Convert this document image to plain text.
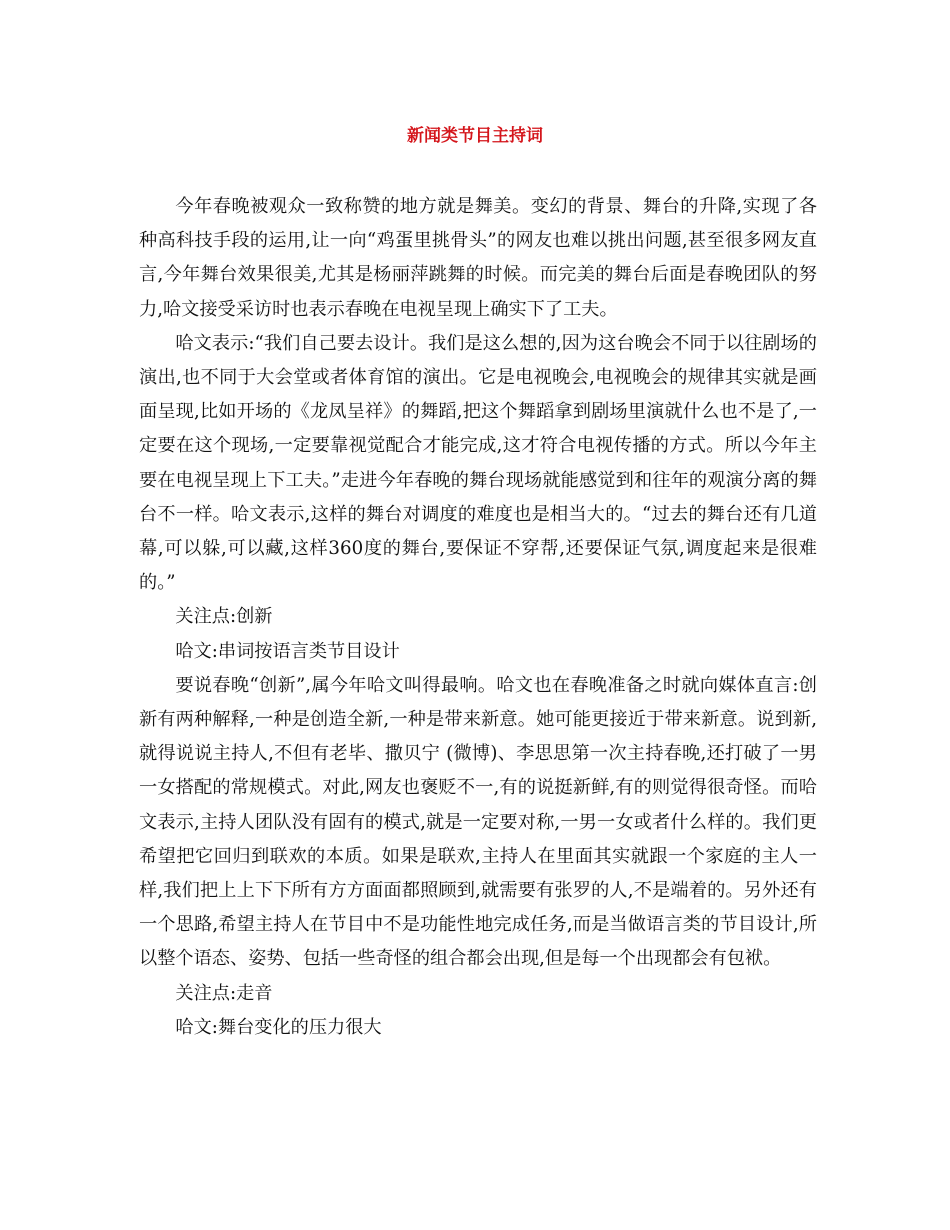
新闻类节目主持词

今年春晚被观众一致称赞的地方就是舞美。变幻的背景、舞台的升降,实现了各种高科技手段的运用,让一向“鸡蛋里挑骨头”的网友也难以挑出问题,甚至很多网友直言,今年舞台效果很美,尤其是杨丽萍跳舞的时候。而完美的舞台后面是春晚团队的努力,哈文接受采访时也表示春晚在电视呈现上确实下了工夫。

哈文表示:“我们自己要去设计。我们是这么想的,因为这台晚会不同于以往剧场的演出,也不同于大会堂或者体育馆的演出。它是电视晚会,电视晚会的规律其实就是画面呈现,比如开场的《龙凤呈祥》的舞蹈,把这个舞蹈拿到剧场里演就什么也不是了,一定要在这个现场,一定要靠视觉配合才能完成,这才符合电视传播的方式。所以今年主要在电视呈现上下工夫。”走进今年春晚的舞台现场就能感觉到和往年的观演分离的舞台不一样。哈文表示,这样的舞台对调度的难度也是相当大的。“过去的舞台还有几道幕,可以躲,可以藏,这样360度的舞台,要保证不穿帮,还要保证气氛,调度起来是很难的。”

关注点:创新

哈文:串词按语言类节目设计

要说春晚“创新”,属今年哈文叫得最响。哈文也在春晚准备之时就向媒体直言:创新有两种解释,一种是创造全新,一种是带来新意。她可能更接近于带来新意。说到新,就得说说主持人,不但有老毕、撒贝宁 (微博)、李思思第一次主持春晚,还打破了一男一女搭配的常规模式。对此,网友也褒贬不一,有的说挺新鲜,有的则觉得很奇怪。而哈文表示,主持人团队没有固有的模式,就是一定要对称,一男一女或者什么样的。我们更希望把它回归到联欢的本质。如果是联欢,主持人在里面其实就跟一个家庭的主人一样,我们把上上下下所有方方面面都照顾到,就需要有张罗的人,不是端着的。另外还有一个思路,希望主持人在节目中不是功能性地完成任务,而是当做语言类的节目设计,所以整个语态、姿势、包括一些奇怪的组合都会出现,但是每一个出现都会有包袱。

关注点:走音

哈文:舞台变化的压力很大
